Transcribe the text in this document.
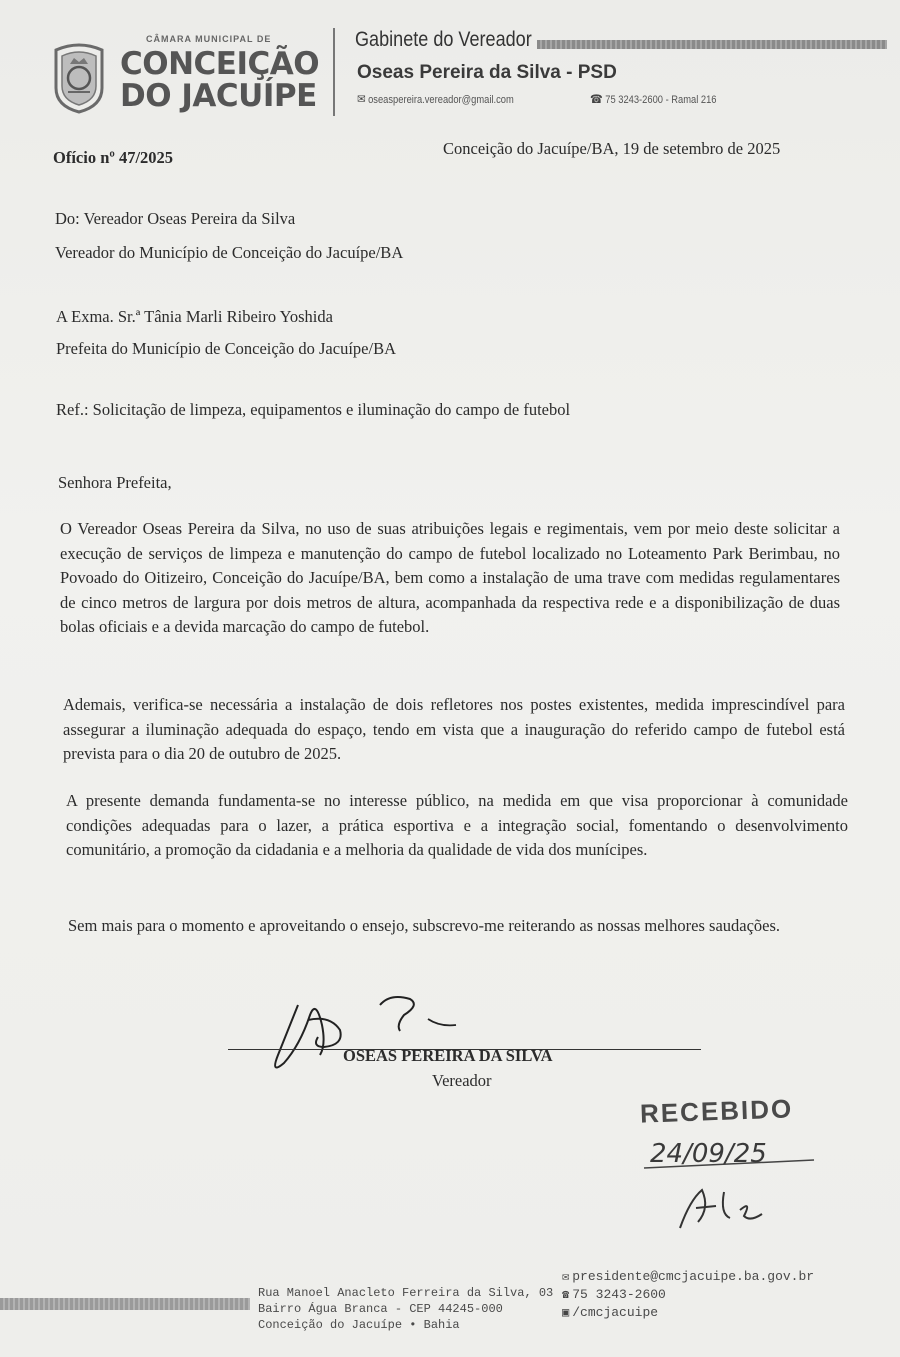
CÂMARA MUNICIPAL DE
CONCEIÇÃO DO JACUÍPE
Gabinete do Vereador
Oseas Pereira da Silva - PSD
✉ oseaspereira.vereador@gmail.com	☎ 75 3243-2600 - Ramal 216
Ofício nº 47/2025	Conceição do Jacuípe/BA, 19 de setembro de 2025
Do: Vereador Oseas Pereira da Silva
Vereador do Município de Conceição do Jacuípe/BA
A Exma. Sr.ª Tânia Marli Ribeiro Yoshida
Prefeita do Município de Conceição do Jacuípe/BA
Ref.: Solicitação de limpeza, equipamentos e iluminação do campo de futebol
Senhora Prefeita,
O Vereador Oseas Pereira da Silva, no uso de suas atribuições legais e regimentais, vem por meio deste solicitar a execução de serviços de limpeza e manutenção do campo de futebol localizado no Loteamento Park Berimbau, no Povoado do Oitizeiro, Conceição do Jacuípe/BA, bem como a instalação de uma trave com medidas regulamentares de cinco metros de largura por dois metros de altura, acompanhada da respectiva rede e a disponibilização de duas bolas oficiais e a devida marcação do campo de futebol.
Ademais, verifica-se necessária a instalação de dois refletores nos postes existentes, medida imprescindível para assegurar a iluminação adequada do espaço, tendo em vista que a inauguração do referido campo de futebol está prevista para o dia 20 de outubro de 2025.
A presente demanda fundamenta-se no interesse público, na medida em que visa proporcionar à comunidade condições adequadas para o lazer, a prática esportiva e a integração social, fomentando o desenvolvimento comunitário, a promoção da cidadania e a melhoria da qualidade de vida dos munícipes.
Sem mais para o momento e aproveitando o ensejo, subscrevo-me reiterando as nossas melhores saudações.
OSEAS PEREIRA DA SILVA
Vereador
RECEBIDO
24/09/25
Rua Manoel Anacleto Ferreira da Silva, 03
Bairro Água Branca - CEP 44245-000
Conceição do Jacuípe • Bahia
✉ presidente@cmcjacuipe.ba.gov.br
☎ 75 3243-2600
▣ /cmcjacuipe
